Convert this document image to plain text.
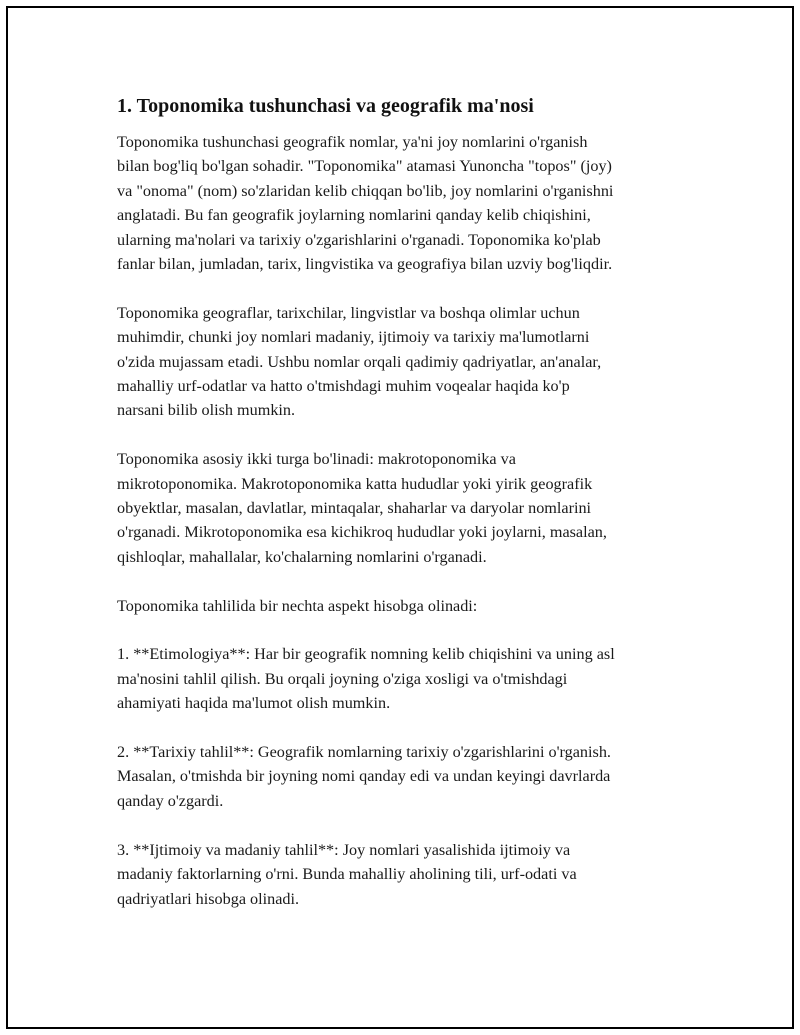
1. Toponomika tushunchasi va geografik ma'nosi

Toponomika tushunchasi geografik nomlar, ya'ni joy nomlarini o'rganish
bilan bog'liq bo'lgan sohadir. "Toponomika" atamasi Yunoncha "topos" (joy)
va "onoma" (nom) so'zlaridan kelib chiqqan bo'lib, joy nomlarini o'rganishni
anglatadi. Bu fan geografik joylarning nomlarini qanday kelib chiqishini,
ularning ma'nolari va tarixiy o'zgarishlarini o'rganadi. Toponomika ko'plab
fanlar bilan, jumladan, tarix, lingvistika va geografiya bilan uzviy bog'liqdir.

Toponomika geograflar, tarixchilar, lingvistlar va boshqa olimlar uchun
muhimdir, chunki joy nomlari madaniy, ijtimoiy va tarixiy ma'lumotlarni
o'zida mujassam etadi. Ushbu nomlar orqali qadimiy qadriyatlar, an'analar,
mahalliy urf-odatlar va hatto o'tmishdagi muhim voqealar haqida ko'p
narsani bilib olish mumkin.

Toponomika asosiy ikki turga bo'linadi: makrotoponomika va
mikrotoponomika. Makrotoponomika katta hududlar yoki yirik geografik
obyektlar, masalan, davlatlar, mintaqalar, shaharlar va daryolar nomlarini
o'rganadi. Mikrotoponomika esa kichikroq hududlar yoki joylarni, masalan,
qishloqlar, mahallalar, ko'chalarning nomlarini o'rganadi.

Toponomika tahlilida bir nechta aspekt hisobga olinadi:

1. **Etimologiya**: Har bir geografik nomning kelib chiqishini va uning asl
ma'nosini tahlil qilish. Bu orqali joyning o'ziga xosligi va o'tmishdagi
ahamiyati haqida ma'lumot olish mumkin.

2. **Tarixiy tahlil**: Geografik nomlarning tarixiy o'zgarishlarini o'rganish.
Masalan, o'tmishda bir joyning nomi qanday edi va undan keyingi davrlarda
qanday o'zgardi.

3. **Ijtimoiy va madaniy tahlil**: Joy nomlari yasalishida ijtimoiy va
madaniy faktorlarning o'rni. Bunda mahalliy aholining tili, urf-odati va
qadriyatlari hisobga olinadi.
